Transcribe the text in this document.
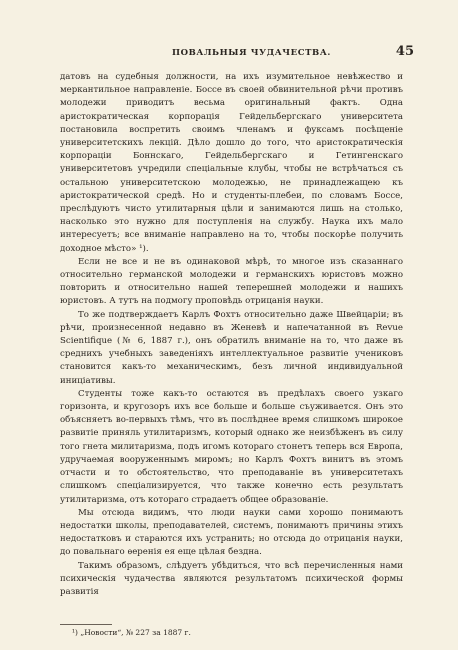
ПОВАЛЬНЫЯ ЧУДАЧЕСТВА.	45

датовъ на судебныя должности, на ихъ изумительное невѣжество и меркантильное направленіе. Боссе въ своей обвинительной рѣчи противъ молодежи приводитъ весьма оригинальный фактъ. Одна аристократическая корпорація Гейдельбергскаго университета постановила воспретить своимъ членамъ и фуксамъ посѣщеніе университетскихъ лекцій. Дѣло дошло до того, что аристократическія корпораціи Боннскаго, Гейдельбергскаго и Гетингенскаго университетовъ учредили спеціальные клубы, чтобы не встрѣчаться съ остальною университетскою молодежью, не принадлежащею къ аристократической средѣ. Но и студенты-плебеи, по словамъ Боссе, преслѣдуютъ чисто утилитарныя цѣли и занимаются лишь на столько, насколько это нужно для поступленія на службу. Наука ихъ мало интересуетъ; все вниманіе направлено на то, чтобы поскорѣе получить доходное мѣсто» ¹).

Если не все и не въ одинаковой мѣрѣ, то многое изъ сказаннаго относительно германской молодежи и германскихъ юристовъ можно повторить и относительно нашей теперешней молодежи и нашихъ юристовъ. А тутъ на подмогу проповѣдь отрицанія науки.

То же подтверждаетъ Карлъ Фохтъ относительно даже Швейцаріи; въ рѣчи, произнесенной недавно въ Женевѣ и напечатанной въ Revue Scientifique (№ 6, 1887 г.), онъ обратилъ вниманіе на то, что даже въ среднихъ учебныхъ заведеніяхъ интеллектуальное развитіе учениковъ становится какъ-то механическимъ, безъ личной индивидуальной иниціативы.

Студенты тоже какъ-то остаются въ предѣлахъ своего узкаго горизонта, и кругозоръ ихъ все больше и больше съуживается. Онъ это объясняетъ во-первыхъ тѣмъ, что въ послѣднее время слишкомъ широкое развитіе приняль утилитаризмъ, который однако же неизбѣженъ въ силу того гнета милитаризма, подъ игомъ котораго стонетъ теперь вся Европа, удручаемая вооруженнымъ миромъ; но Карлъ Фохтъ винитъ въ этомъ отчасти и то обстоятельство, что преподаваніе въ университетахъ слишкомъ спеціализируется, что также конечно есть результатъ утилитаризма, отъ котораго страдаетъ общее образованіе.

Мы отсюда видимъ, что люди науки сами хорошо понимаютъ недостатки школы, преподавателей, системъ, понимаютъ причины этихъ недостатковъ и стараются ихъ устранить; но отсюда до отрицанія науки, до повальнаго ѳеренія ея еще цѣлая бездна.

Такимъ образомъ, слѣдуетъ убѣдиться, что всѣ перечисленныя нами психическія чудачества являются результатомъ психической формы развитія

¹) „Новости“, № 227 за 1887 г.
